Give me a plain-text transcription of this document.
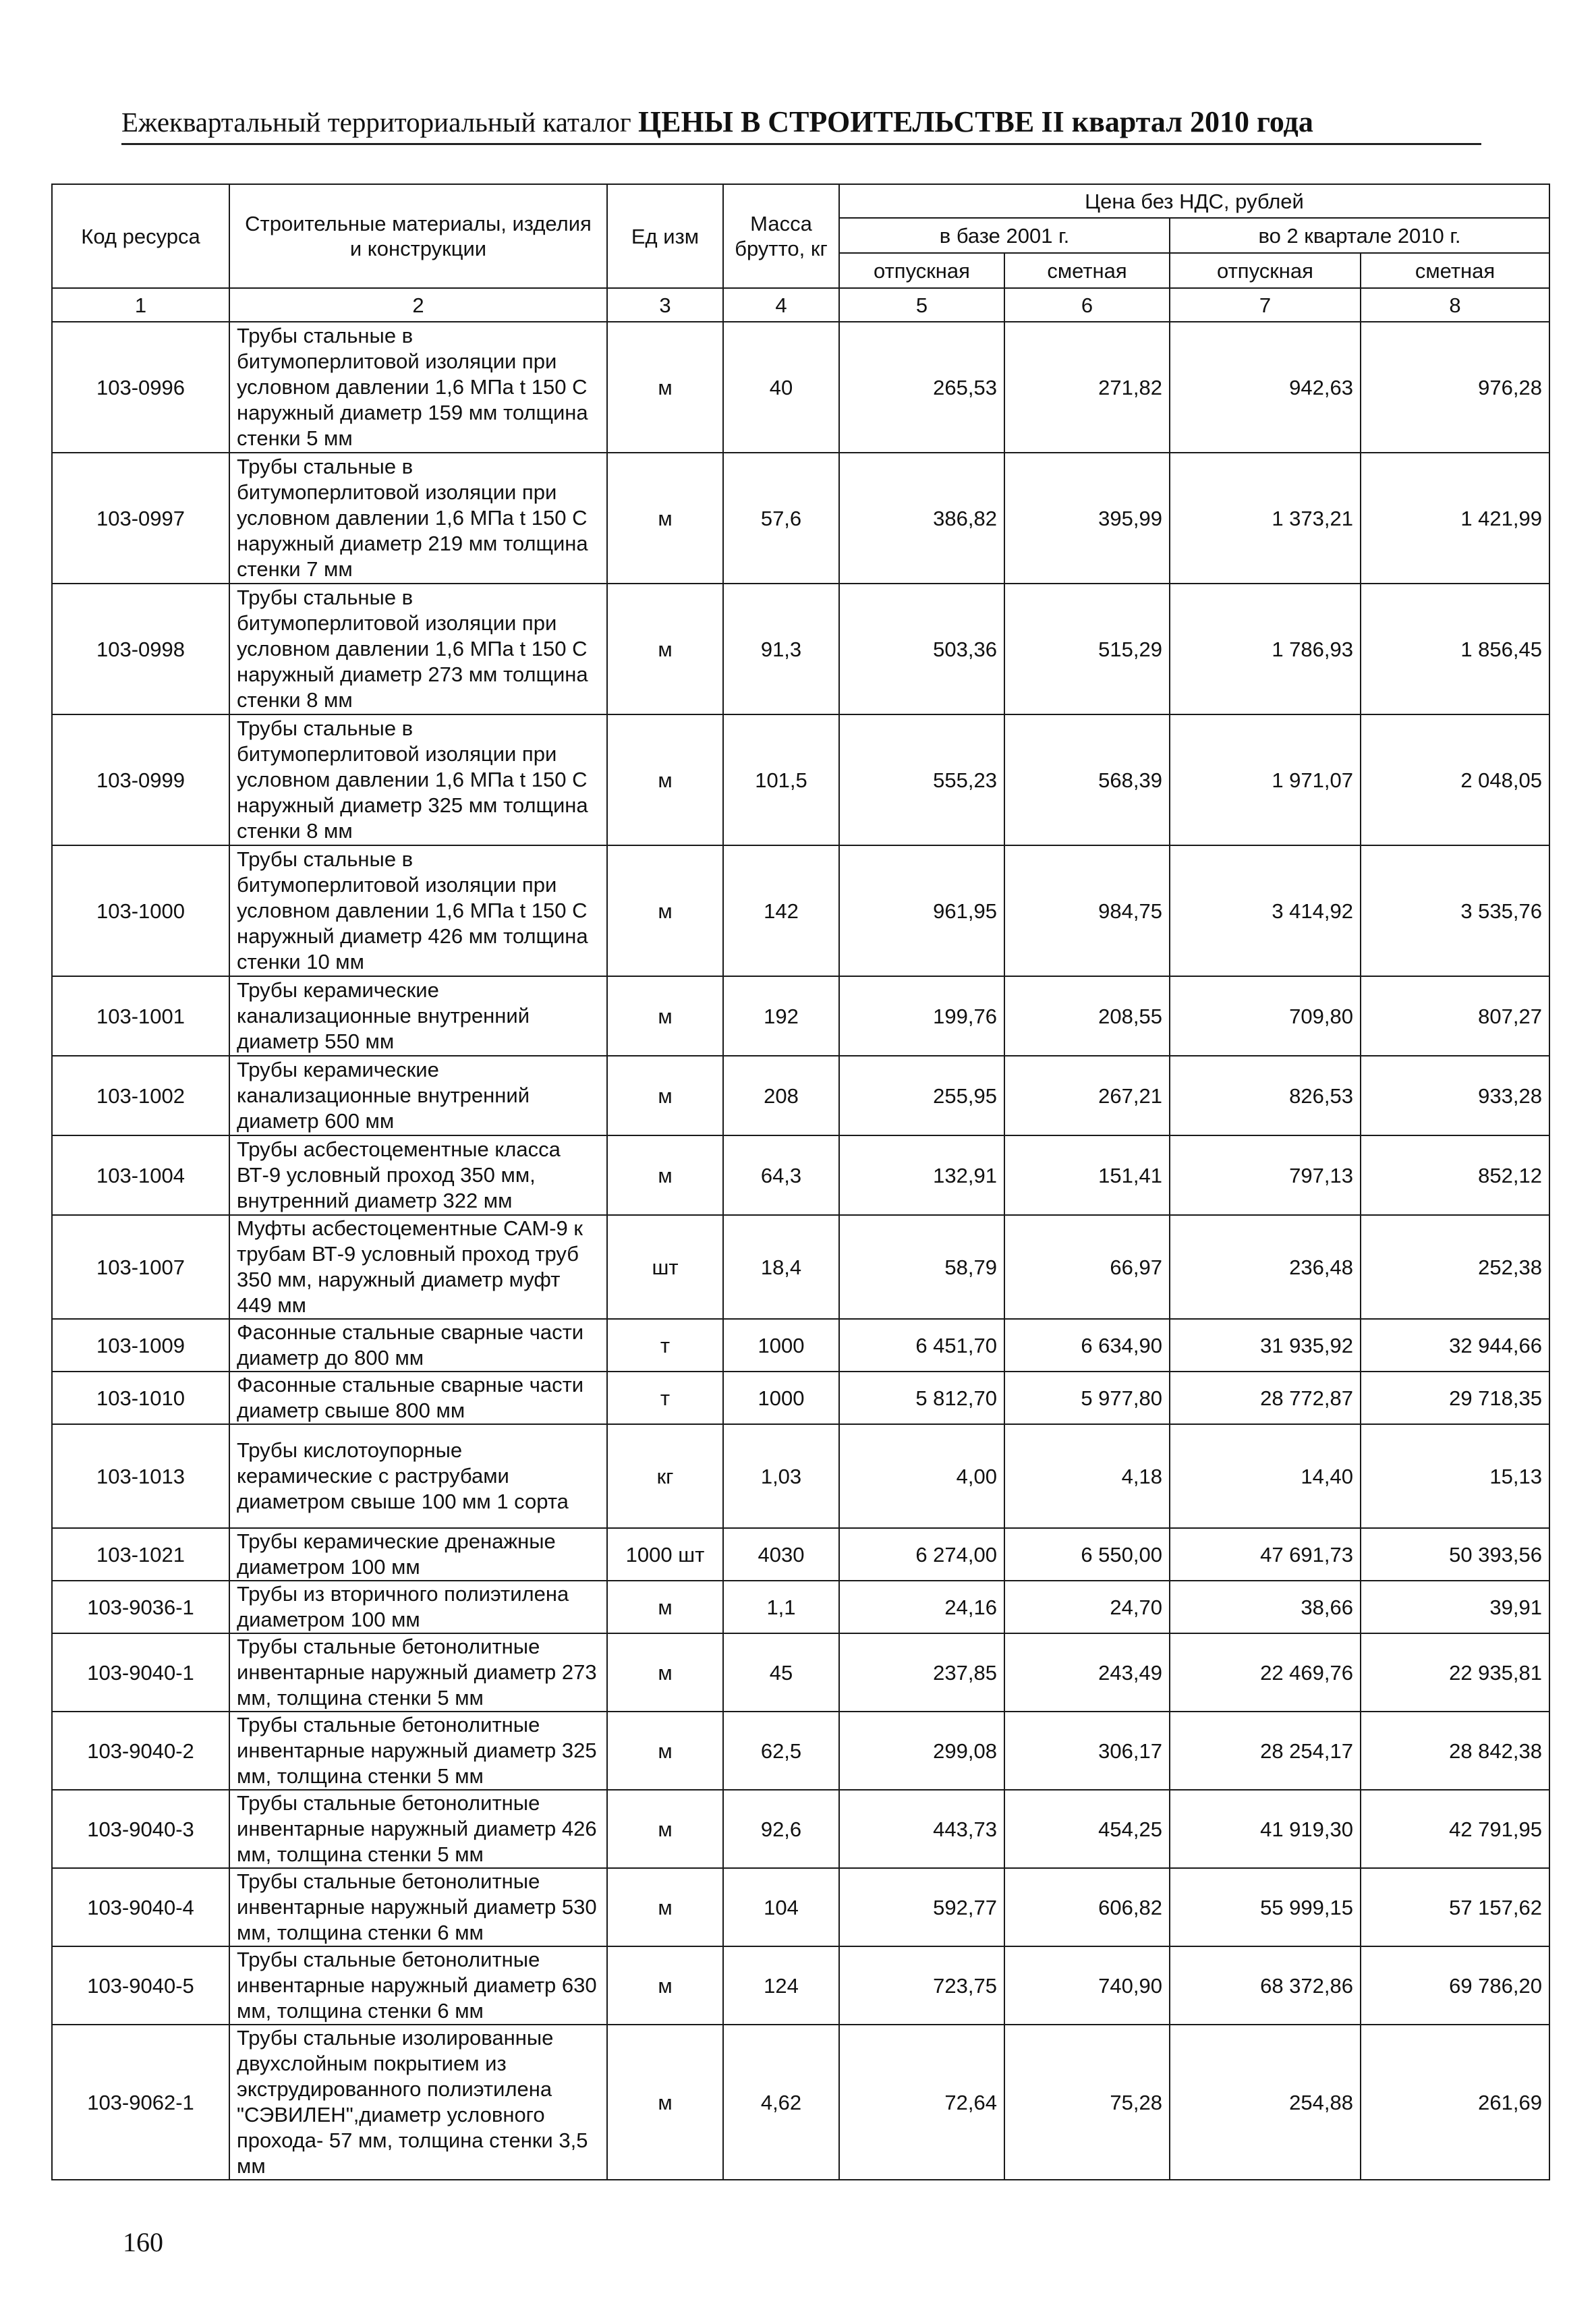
Ежеквартальный территориальный каталог ЦЕНЫ В СТРОИТЕЛЬСТВЕ II квартал 2010 года
Код ресурса	Строительные материалы, изделия и конструкции	Ед изм	Масса брутто, кг	Цена без НДС, рублей			
				в базе 2001 г.		во 2 квартале 2010 г.	
				отпускная	сметная	отпускная	сметная
1	2	3	4	5	6	7	8
103-0996	Трубы стальные в битумоперлитовой изоляции при условном давлении 1,6 МПа t 150 С наружный диаметр 159 мм толщина стенки 5 мм	м	40	265,53	271,82	942,63	976,28
103-0997	Трубы стальные в битумоперлитовой изоляции при условном давлении 1,6 МПа t 150 С наружный диаметр 219 мм толщина стенки 7 мм	м	57,6	386,82	395,99	1 373,21	1 421,99
103-0998	Трубы стальные в битумоперлитовой изоляции при условном давлении 1,6 МПа t 150 С наружный диаметр 273 мм толщина стенки 8 мм	м	91,3	503,36	515,29	1 786,93	1 856,45
103-0999	Трубы стальные в битумоперлитовой изоляции при условном давлении 1,6 МПа t 150 С наружный диаметр 325 мм толщина стенки 8 мм	м	101,5	555,23	568,39	1 971,07	2 048,05
103-1000	Трубы стальные в битумоперлитовой изоляции при условном давлении 1,6 МПа t 150 С наружный диаметр 426 мм толщина стенки 10 мм	м	142	961,95	984,75	3 414,92	3 535,76
103-1001	Трубы керамические канализационные внутренний диаметр 550 мм	м	192	199,76	208,55	709,80	807,27
103-1002	Трубы керамические канализационные внутренний диаметр 600 мм	м	208	255,95	267,21	826,53	933,28
103-1004	Трубы асбестоцементные класса ВТ-9 условный проход 350 мм, внутренний диаметр 322 мм	м	64,3	132,91	151,41	797,13	852,12
103-1007	Муфты асбестоцементные САМ-9 к трубам ВТ-9 условный проход труб 350 мм, наружный диаметр муфт 449 мм	шт	18,4	58,79	66,97	236,48	252,38
103-1009	Фасонные стальные сварные части диаметр до 800 мм	т	1000	6 451,70	6 634,90	31 935,92	32 944,66
103-1010	Фасонные стальные сварные части диаметр свыше 800 мм	т	1000	5 812,70	5 977,80	28 772,87	29 718,35
103-1013	Трубы кислотоупорные керамические с раструбами диаметром свыше 100 мм 1 сорта	кг	1,03	4,00	4,18	14,40	15,13
103-1021	Трубы керамические дренажные диаметром 100 мм	1000 шт	4030	6 274,00	6 550,00	47 691,73	50 393,56
103-9036-1	Трубы из вторичного полиэтилена диаметром 100 мм	м	1,1	24,16	24,70	38,66	39,91
103-9040-1	Трубы стальные бетонолитные инвентарные наружный диаметр 273 мм, толщина стенки 5 мм	м	45	237,85	243,49	22 469,76	22 935,81
103-9040-2	Трубы стальные бетонолитные инвентарные наружный диаметр 325 мм, толщина стенки 5 мм	м	62,5	299,08	306,17	28 254,17	28 842,38
103-9040-3	Трубы стальные бетонолитные инвентарные наружный диаметр 426 мм, толщина стенки 5 мм	м	92,6	443,73	454,25	41 919,30	42 791,95
103-9040-4	Трубы стальные бетонолитные инвентарные наружный диаметр 530 мм, толщина стенки 6 мм	м	104	592,77	606,82	55 999,15	57 157,62
103-9040-5	Трубы стальные бетонолитные инвентарные наружный диаметр 630 мм, толщина стенки 6 мм	м	124	723,75	740,90	68 372,86	69 786,20
103-9062-1	Трубы стальные изолированные двухслойным покрытием из экструдированного полиэтилена "СЭВИЛЕН",диаметр условного прохода- 57 мм, толщина стенки 3,5 мм	м	4,62	72,64	75,28	254,88	261,69
160
